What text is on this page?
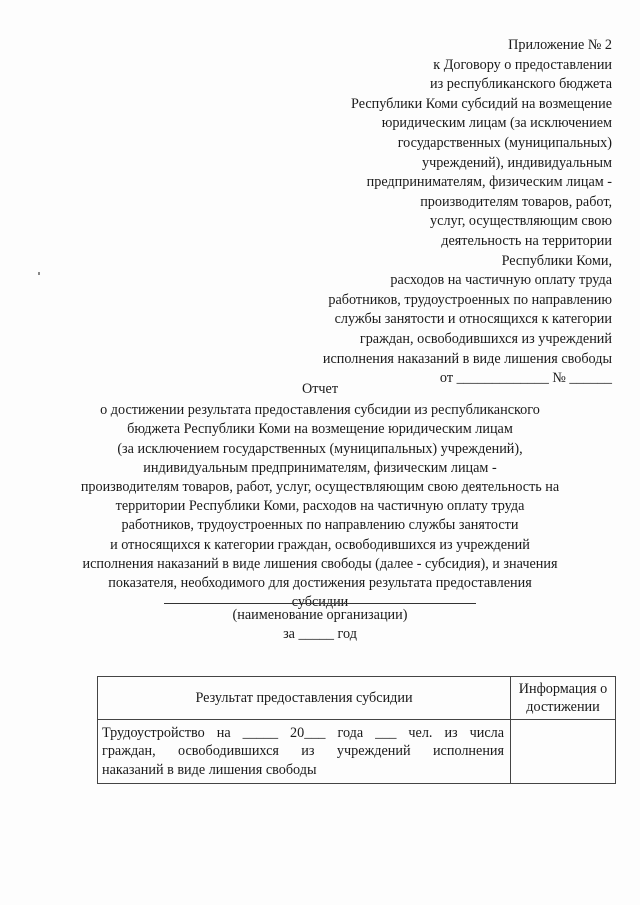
Приложение № 2
к Договору о предоставлении
из республиканского бюджета
Республики Коми субсидий на возмещение
юридическим лицам (за исключением
государственных (муниципальных)
учреждений), индивидуальным
предпринимателям, физическим лицам -
производителям товаров, работ,
услуг, осуществляющим свою
деятельность на территории
Республики Коми,
расходов на частичную оплату труда
работников, трудоустроенных по направлению
службы занятости и относящихся к категории
граждан, освободившихся из учреждений
исполнения наказаний в виде лишения свободы
от _____________ № ______
Отчет
о достижении результата предоставления субсидии из республиканского
бюджета Республики Коми на возмещение юридическим лицам
(за исключением государственных (муниципальных) учреждений),
индивидуальным предпринимателям, физическим лицам -
производителям товаров, работ, услуг, осуществляющим свою деятельность на
территории Республики Коми, расходов на частичную оплату труда
работников, трудоустроенных по направлению службы занятости
и относящихся к категории граждан, освободившихся из учреждений
исполнения наказаний в виде лишения свободы (далее - субсидия), и значения
показателя, необходимого для достижения результата предоставления
субсидии
(наименование организации)
за _____ год
Результат предоставления субсидии	Информация о
достижении

Трудоустройство на _____ 20___ года ___ чел. из числа
граждан, освободившихся из учреждений исполнения
наказаний в виде лишения свободы	
